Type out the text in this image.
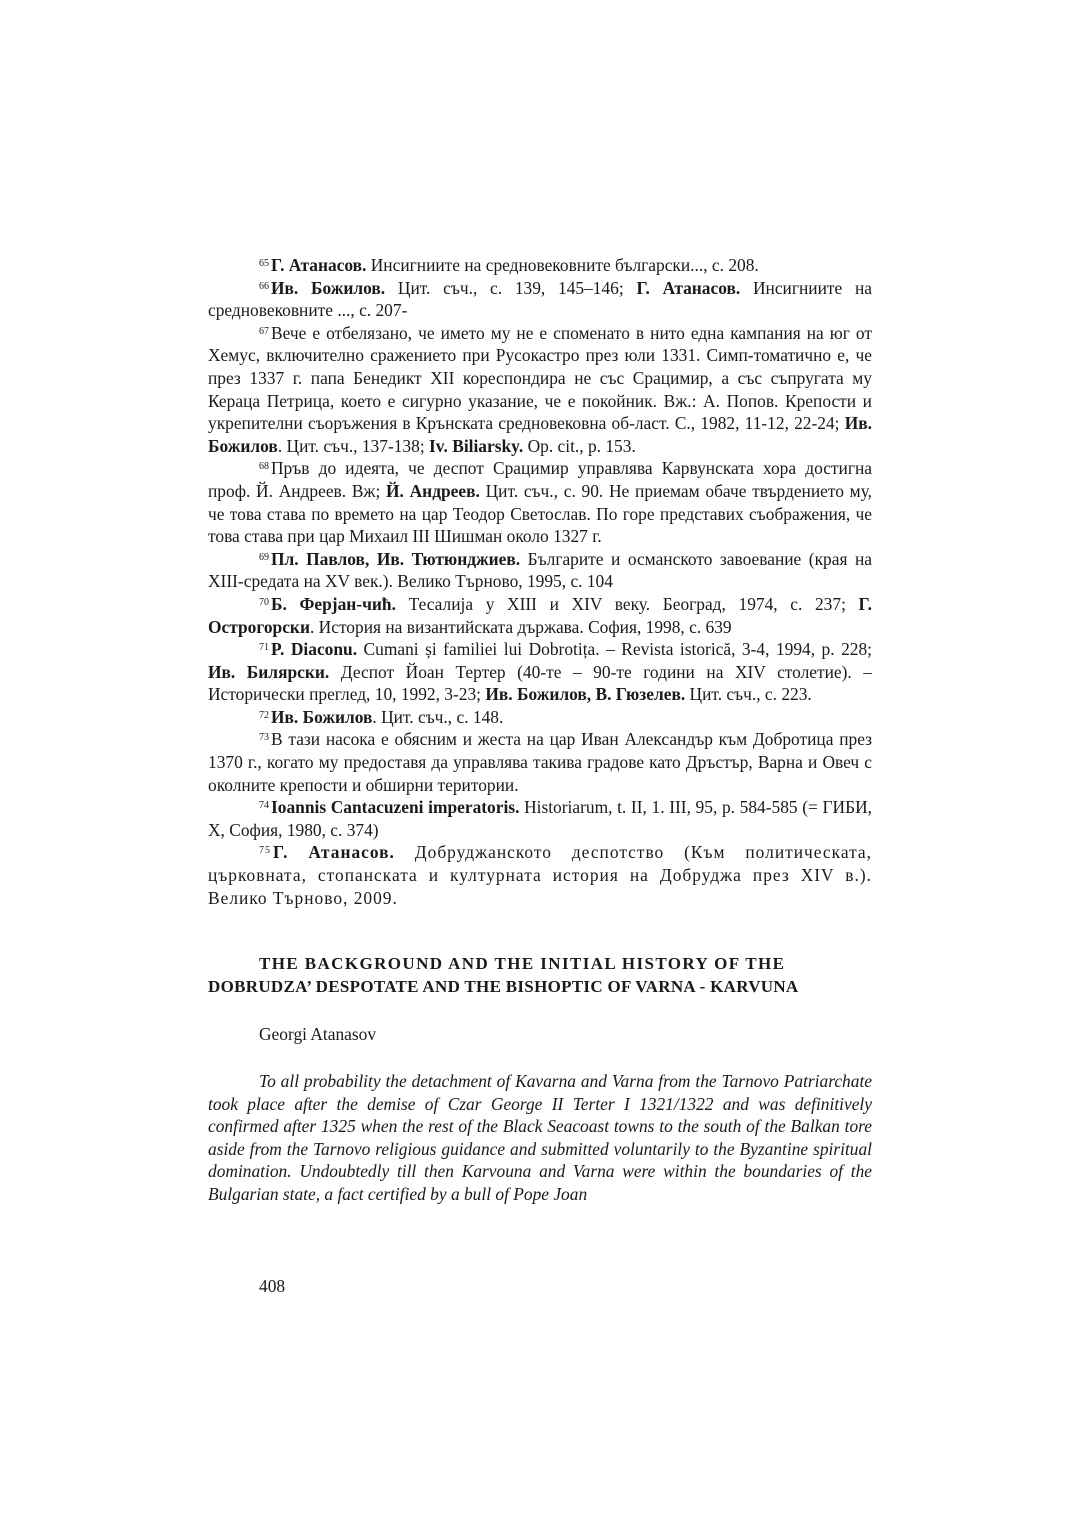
$^{65}$ Г. Атанасов. Инсигниите на средновековните български..., с. 208.

$^{66}$ Ив. Божилов. Цит. съч., с. 139, 145–146; Г. Атанасов. Инсигниите на средновековните ..., с. 207-

$^{67}$ Вече е отбелязано, че името му не е споменато в нито една кампания на юг от Хемус, включително сражението при Русокастро през юли 1331. Симп-томатично е, че през 1337 г. папа Бенедикт XII кореспондира не със Срацимир, а със съпругата му Кераца Петрица, което е сигурно указание, че е покойник. Вж.: А. Попов. Крепости и укрепителни съоръжения в Крънската средновековна об-ласт. С., 1982, 11-12, 22-24; Ив. Божилов. Цит. съч., 137-138; Iv. Biliarsky. Op. cit., p. 153.

$^{68}$ Пръв до идеята, че деспот Срацимир управлява Карвунската хора достигна проф. Й. Андреев. Вж; Й. Андреев. Цит. съч., с. 90. Не приемам обаче твърдението му, че това става по времето на цар Теодор Светослав. По горе представих съображения, че това става при цар Михаил III Шишман около 1327 г.

$^{69}$ Пл. Павлов, Ив. Тютюнджиев. Българите и османското завоевание (края на XIII-средата на XV век.). Велико Търново, 1995, с. 104

$^{70}$ Б. Ферјан-чић. Тесалија у XIII и XIV веку. Београд, 1974, с. 237; Г. Острогорски. История на византийската държава. София, 1998, с. 639

$^{71}$ P. Diaconu. Cumani și familiei lui Dobrotița. – Revista istorică, 3-4, 1994, p. 228; Ив. Билярски. Деспот Йоан Тертер (40-те – 90-те години на XIV столетие). – Исторически преглед, 10, 1992, 3-23; Ив. Божилов, В. Гюзелев. Цит. съч., с. 223.

$^{72}$ Ив. Божилов. Цит. съч., с. 148.

$^{73}$ В тази насока е обясним и жеста на цар Иван Александър към Добротица през 1370 г., когато му предоставя да управлява такива градове като Дръстър, Варна и Овеч с околните крепости и обширни територии.

$^{74}$ Ioannis Cantacuzeni imperatoris. Historiarum, t. II, 1. III, 95, p. 584-585 (= ГИБИ, X, София, 1980, с. 374)

$^{75}$ Г. Атанасов. Добруджанското деспотство (Към политическата, църковната, стопанската и културната история на Добруджа през XIV в.). Велико Търново, 2009.

THE BACKGROUND AND THE INITIAL HISTORY OF THE
DOBRUDZA’ DESPOTATE AND THE BISHOPTIC OF VARNA - KARVUNA

Georgi Atanasov

To all probability the detachment of Kavarna and Varna from the Tarnovo Patriarchate took place after the demise of Czar George II Terter I 1321/1322 and was definitively confirmed after 1325 when the rest of the Black Seacoast towns to the south of the Balkan tore aside from the Tarnovo religious guidance and submitted voluntarily to the Byzantine spiritual domination. Undoubtedly till then Karvouna and Varna were within the boundaries of the Bulgarian state, a fact certified by a bull of Pope Joan

408
